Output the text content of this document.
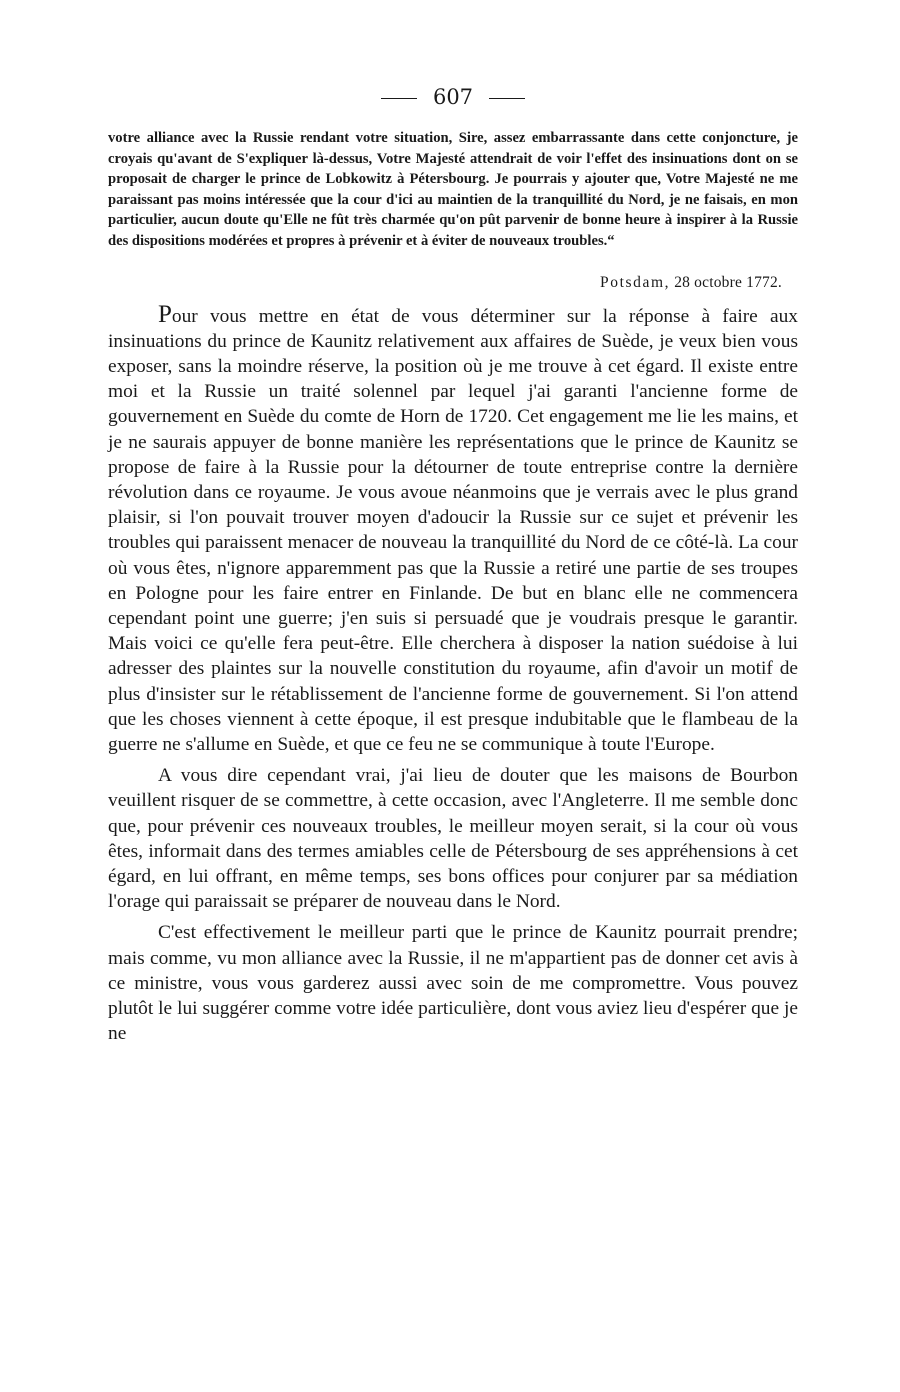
607
votre alliance avec la Russie rendant votre situation, Sire, assez embarrassante dans cette conjoncture, je croyais qu'avant de S'expliquer là-dessus, Votre Majesté attendrait de voir l'effet des insinuations dont on se proposait de charger le prince de Lobkowitz à Pétersbourg. Je pourrais y ajouter que, Votre Majesté ne me paraissant pas moins intéressée que la cour d'ici au maintien de la tranquillité du Nord, je ne faisais, en mon particulier, aucun doute qu'Elle ne fût très charmée qu'on pût parvenir de bonne heure à inspirer à la Russie des dispositions modérées et propres à prévenir et à éviter de nouveaux troubles.“
Potsdam, 28 octobre 1772.

Pour vous mettre en état de vous déterminer sur la réponse à faire aux insinuations du prince de Kaunitz relativement aux affaires de Suède, je veux bien vous exposer, sans la moindre réserve, la position où je me trouve à cet égard. Il existe entre moi et la Russie un traité solennel par lequel j'ai garanti l'ancienne forme de gouvernement en Suède du comte de Horn de 1720. Cet engagement me lie les mains, et je ne saurais appuyer de bonne manière les représentations que le prince de Kaunitz se propose de faire à la Russie pour la détourner de toute entreprise contre la dernière révolution dans ce royaume. Je vous avoue néanmoins que je verrais avec le plus grand plaisir, si l'on pouvait trouver moyen d'adoucir la Russie sur ce sujet et prévenir les troubles qui paraissent menacer de nouveau la tranquillité du Nord de ce côté-là. La cour où vous êtes, n'ignore apparemment pas que la Russie a retiré une partie de ses troupes en Pologne pour les faire entrer en Finlande. De but en blanc elle ne commencera cependant point une guerre; j'en suis si persuadé que je voudrais presque le garantir. Mais voici ce qu'elle fera peut-être. Elle cherchera à disposer la nation suédoise à lui adresser des plaintes sur la nouvelle constitution du royaume, afin d'avoir un motif de plus d'insister sur le rétablissement de l'ancienne forme de gouvernement. Si l'on attend que les choses viennent à cette époque, il est presque indubitable que le flambeau de la guerre ne s'allume en Suède, et que ce feu ne se communique à toute l'Europe.

A vous dire cependant vrai, j'ai lieu de douter que les maisons de Bourbon veuillent risquer de se commettre, à cette occasion, avec l'Angleterre. Il me semble donc que, pour prévenir ces nouveaux troubles, le meilleur moyen serait, si la cour où vous êtes, informait dans des termes amiables celle de Pétersbourg de ses appréhensions à cet égard, en lui offrant, en même temps, ses bons offices pour conjurer par sa médiation l'orage qui paraissait se préparer de nouveau dans le Nord.

C'est effectivement le meilleur parti que le prince de Kaunitz pourrait prendre; mais comme, vu mon alliance avec la Russie, il ne m'appartient pas de donner cet avis à ce ministre, vous vous garderez aussi avec soin de me compromettre. Vous pouvez plutôt le lui suggérer comme votre idée particulière, dont vous aviez lieu d'espérer que je ne
